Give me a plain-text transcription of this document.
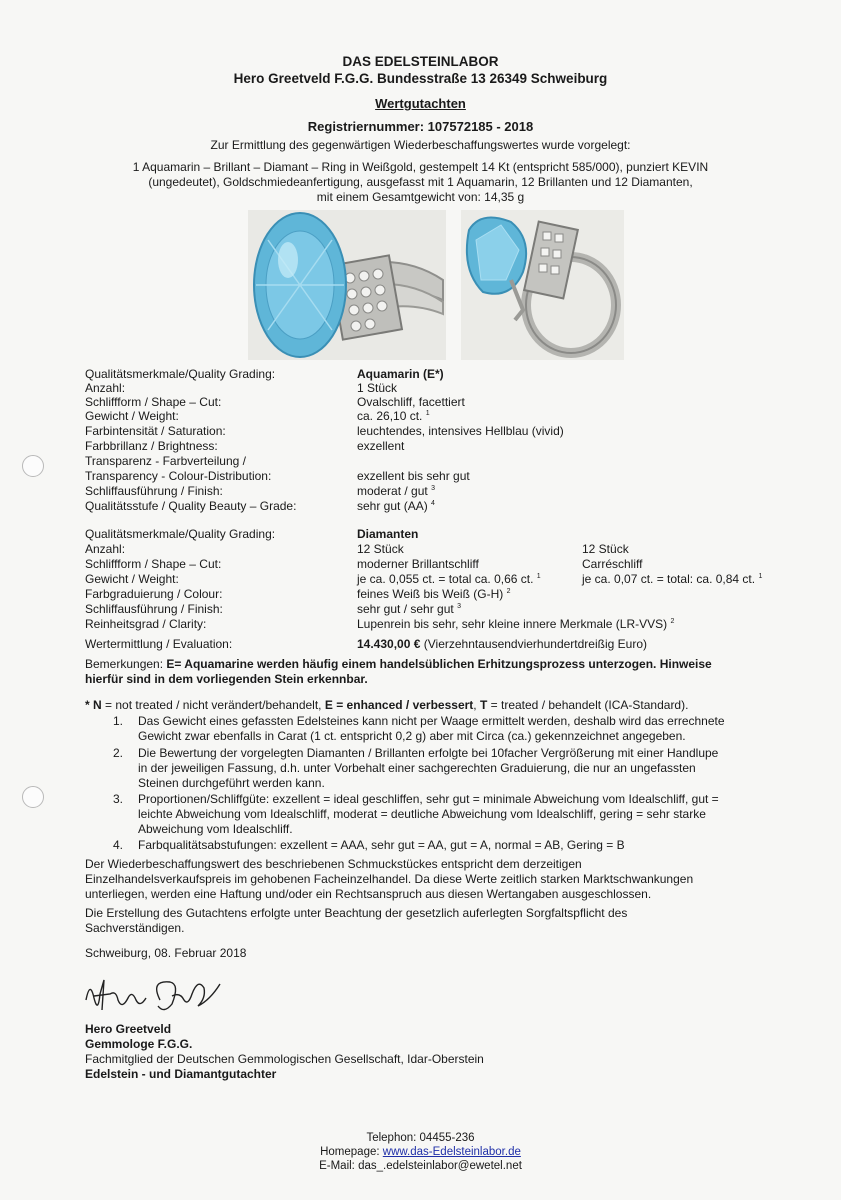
DAS EDELSTEINLABOR
Hero Greetveld F.G.G. Bundesstraße 13 26349 Schweiburg
Wertgutachten
Registriernummer: 107572185 - 2018
Zur Ermittlung des gegenwärtigen Wiederbeschaffungswertes wurde vorgelegt:
1 Aquamarin – Brillant – Diamant – Ring in Weißgold, gestempelt 14 Kt (entspricht 585/000), punziert KEVIN
(ungedeutet), Goldschmiedeanfertigung, ausgefasst mit 1 Aquamarin, 12 Brillanten und 12 Diamanten,
mit einem Gesamtgewicht von: 14,35 g
Qualitätsmerkmale/Quality Grading:	Aquamarin (E*)
Anzahl:	1 Stück
Schliffform / Shape – Cut:	Ovalschliff, facettiert
Gewicht / Weight:	ca. 26,10 ct. $^1$
Farbintensität / Saturation:	leuchtendes, intensives Hellblau (vivid)
Farbbrillanz / Brightness:	exzellent
Transparenz - Farbverteilung /
Transparency - Colour-Distribution:	exzellent bis sehr gut
Schliffausführung / Finish:	moderat / gut $^3$
Qualitätsstufe / Quality Beauty – Grade:	sehr gut (AA) $^4$
Qualitätsmerkmale/Quality Grading:	Diamanten
Anzahl:	12 Stück	12 Stück
Schliffform / Shape – Cut:	moderner Brillantschliff	Carréschliff
Gewicht / Weight:	je ca. 0,055 ct. = total ca. 0,66 ct. $^1$	je ca. 0,07 ct. = total: ca. 0,84 ct. $^1$
Farbgraduierung / Colour:	feines Weiß bis Weiß (G-H) $^2$
Schliffausführung / Finish:	sehr gut / sehr gut $^3$
Reinheitsgrad / Clarity:	Lupenrein bis sehr, sehr kleine innere Merkmale (LR-VVS) $^2$
Wertermittlung / Evaluation:	14.430,00 € (Vierzehntausendvierhundertdreißig Euro)
Bemerkungen: E= Aquamarine werden häufig einem handelsüblichen Erhitzungsprozess unterzogen. Hinweise
hierfür sind in dem vorliegenden Stein erkennbar.
* N = not treated / nicht verändert/behandelt, E = enhanced / verbessert, T = treated / behandelt (ICA-Standard).
1. Das Gewicht eines gefassten Edelsteines kann nicht per Waage ermittelt werden, deshalb wird das errechnete
Gewicht zwar ebenfalls in Carat (1 ct. entspricht 0,2 g) aber mit Circa (ca.) gekennzeichnet angegeben.
2. Die Bewertung der vorgelegten Diamanten / Brillanten erfolgte bei 10facher Vergrößerung mit einer Handlupe
in der jeweiligen Fassung, d.h. unter Vorbehalt einer sachgerechten Graduierung, die nur an ungefassten
Steinen durchgeführt werden kann.
3. Proportionen/Schliffgüte: exzellent = ideal geschliffen, sehr gut = minimale Abweichung vom Idealschliff, gut =
leichte Abweichung vom Idealschliff, moderat = deutliche Abweichung vom Idealschliff, gering = sehr starke
Abweichung vom Idealschliff.
4. Farbqualitätsabstufungen: exzellent = AAA, sehr gut = AA, gut = A, normal = AB, Gering = B
Der Wiederbeschaffungswert des beschriebenen Schmuckstückes entspricht dem derzeitigen
Einzelhandelsverkaufspreis im gehobenen Facheinzelhandel. Da diese Werte zeitlich starken Marktschwankungen
unterliegen, werden eine Haftung und/oder ein Rechtsanspruch aus diesen Wertangaben ausgeschlossen.
Die Erstellung des Gutachtens erfolgte unter Beachtung der gesetzlich auferlegten Sorgfaltspflicht des
Sachverständigen.
Schweiburg, 08. Februar 2018
Hero Greetveld
Gemmologe F.G.G.
Fachmitglied der Deutschen Gemmologischen Gesellschaft, Idar-Oberstein
Edelstein - und Diamantgutachter
Telephon: 04455-236
Homepage: www.das-Edelsteinlabor.de
E-Mail: das_.edelsteinlabor@ewetel.net
